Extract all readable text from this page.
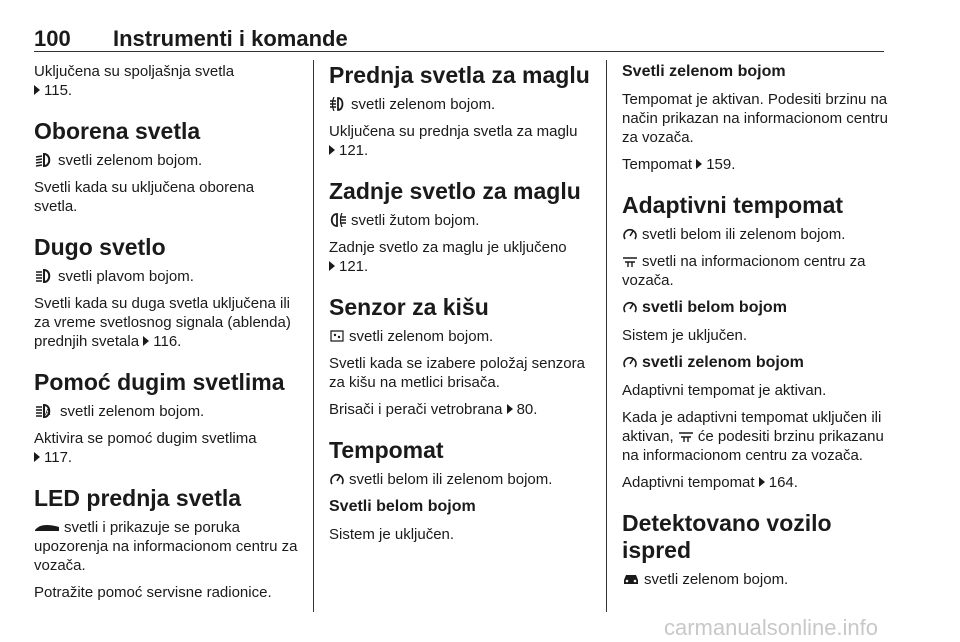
100 Instrumenti i komande

Uključena su spoljašnja svetla
115.

Oborena svetla

svetli zelenom bojom.

Svetli kada su uključena oborena svetla.

Dugo svetlo

svetli plavom bojom.

Svetli kada su duga svetla uključena ili za vreme svetlosnog signala (ablenda) prednjih svetala 116.

Pomoć dugim svetlima

A svetli zelenom bojom.

Aktivira se pomoć dugim svetlima
117.

LED prednja svetla

svetli i prikazuje se poruka upozorenja na informacionom centru za vozača.

Potražite pomoć servisne radionice.

Prednja svetla za maglu

svetli zelenom bojom.

Uključena su prednja svetla za maglu
121.

Zadnje svetlo za maglu

svetli žutom bojom.

Zadnje svetlo za maglu je uključeno
121.

Senzor za kišu

svetli zelenom bojom.

Svetli kada se izabere položaj senzora za kišu na metlici brisača.

Brisači i perači vetrobrana 80.

Tempomat

svetli belom ili zelenom bojom.

Svetli belom bojom

Sistem je uključen.

Svetli zelenom bojom

Tempomat je aktivan. Podesiti brzinu na način prikazan na informacionom centru za vozača.

Tempomat 159.

Adaptivni tempomat

svetli belom ili zelenom bojom.

svetli na informacionom centru za vozača.

svetli belom bojom

Sistem je uključen.

svetli zelenom bojom

Adaptivni tempomat je aktivan.

Kada je adaptivni tempomat uključen ili aktivan, će podesiti brzinu prikazanu na informacionom centru za vozača.

Adaptivni tempomat 164.

Detektovano vozilo ispred

svetli zelenom bojom.

carmanualsonline.info
